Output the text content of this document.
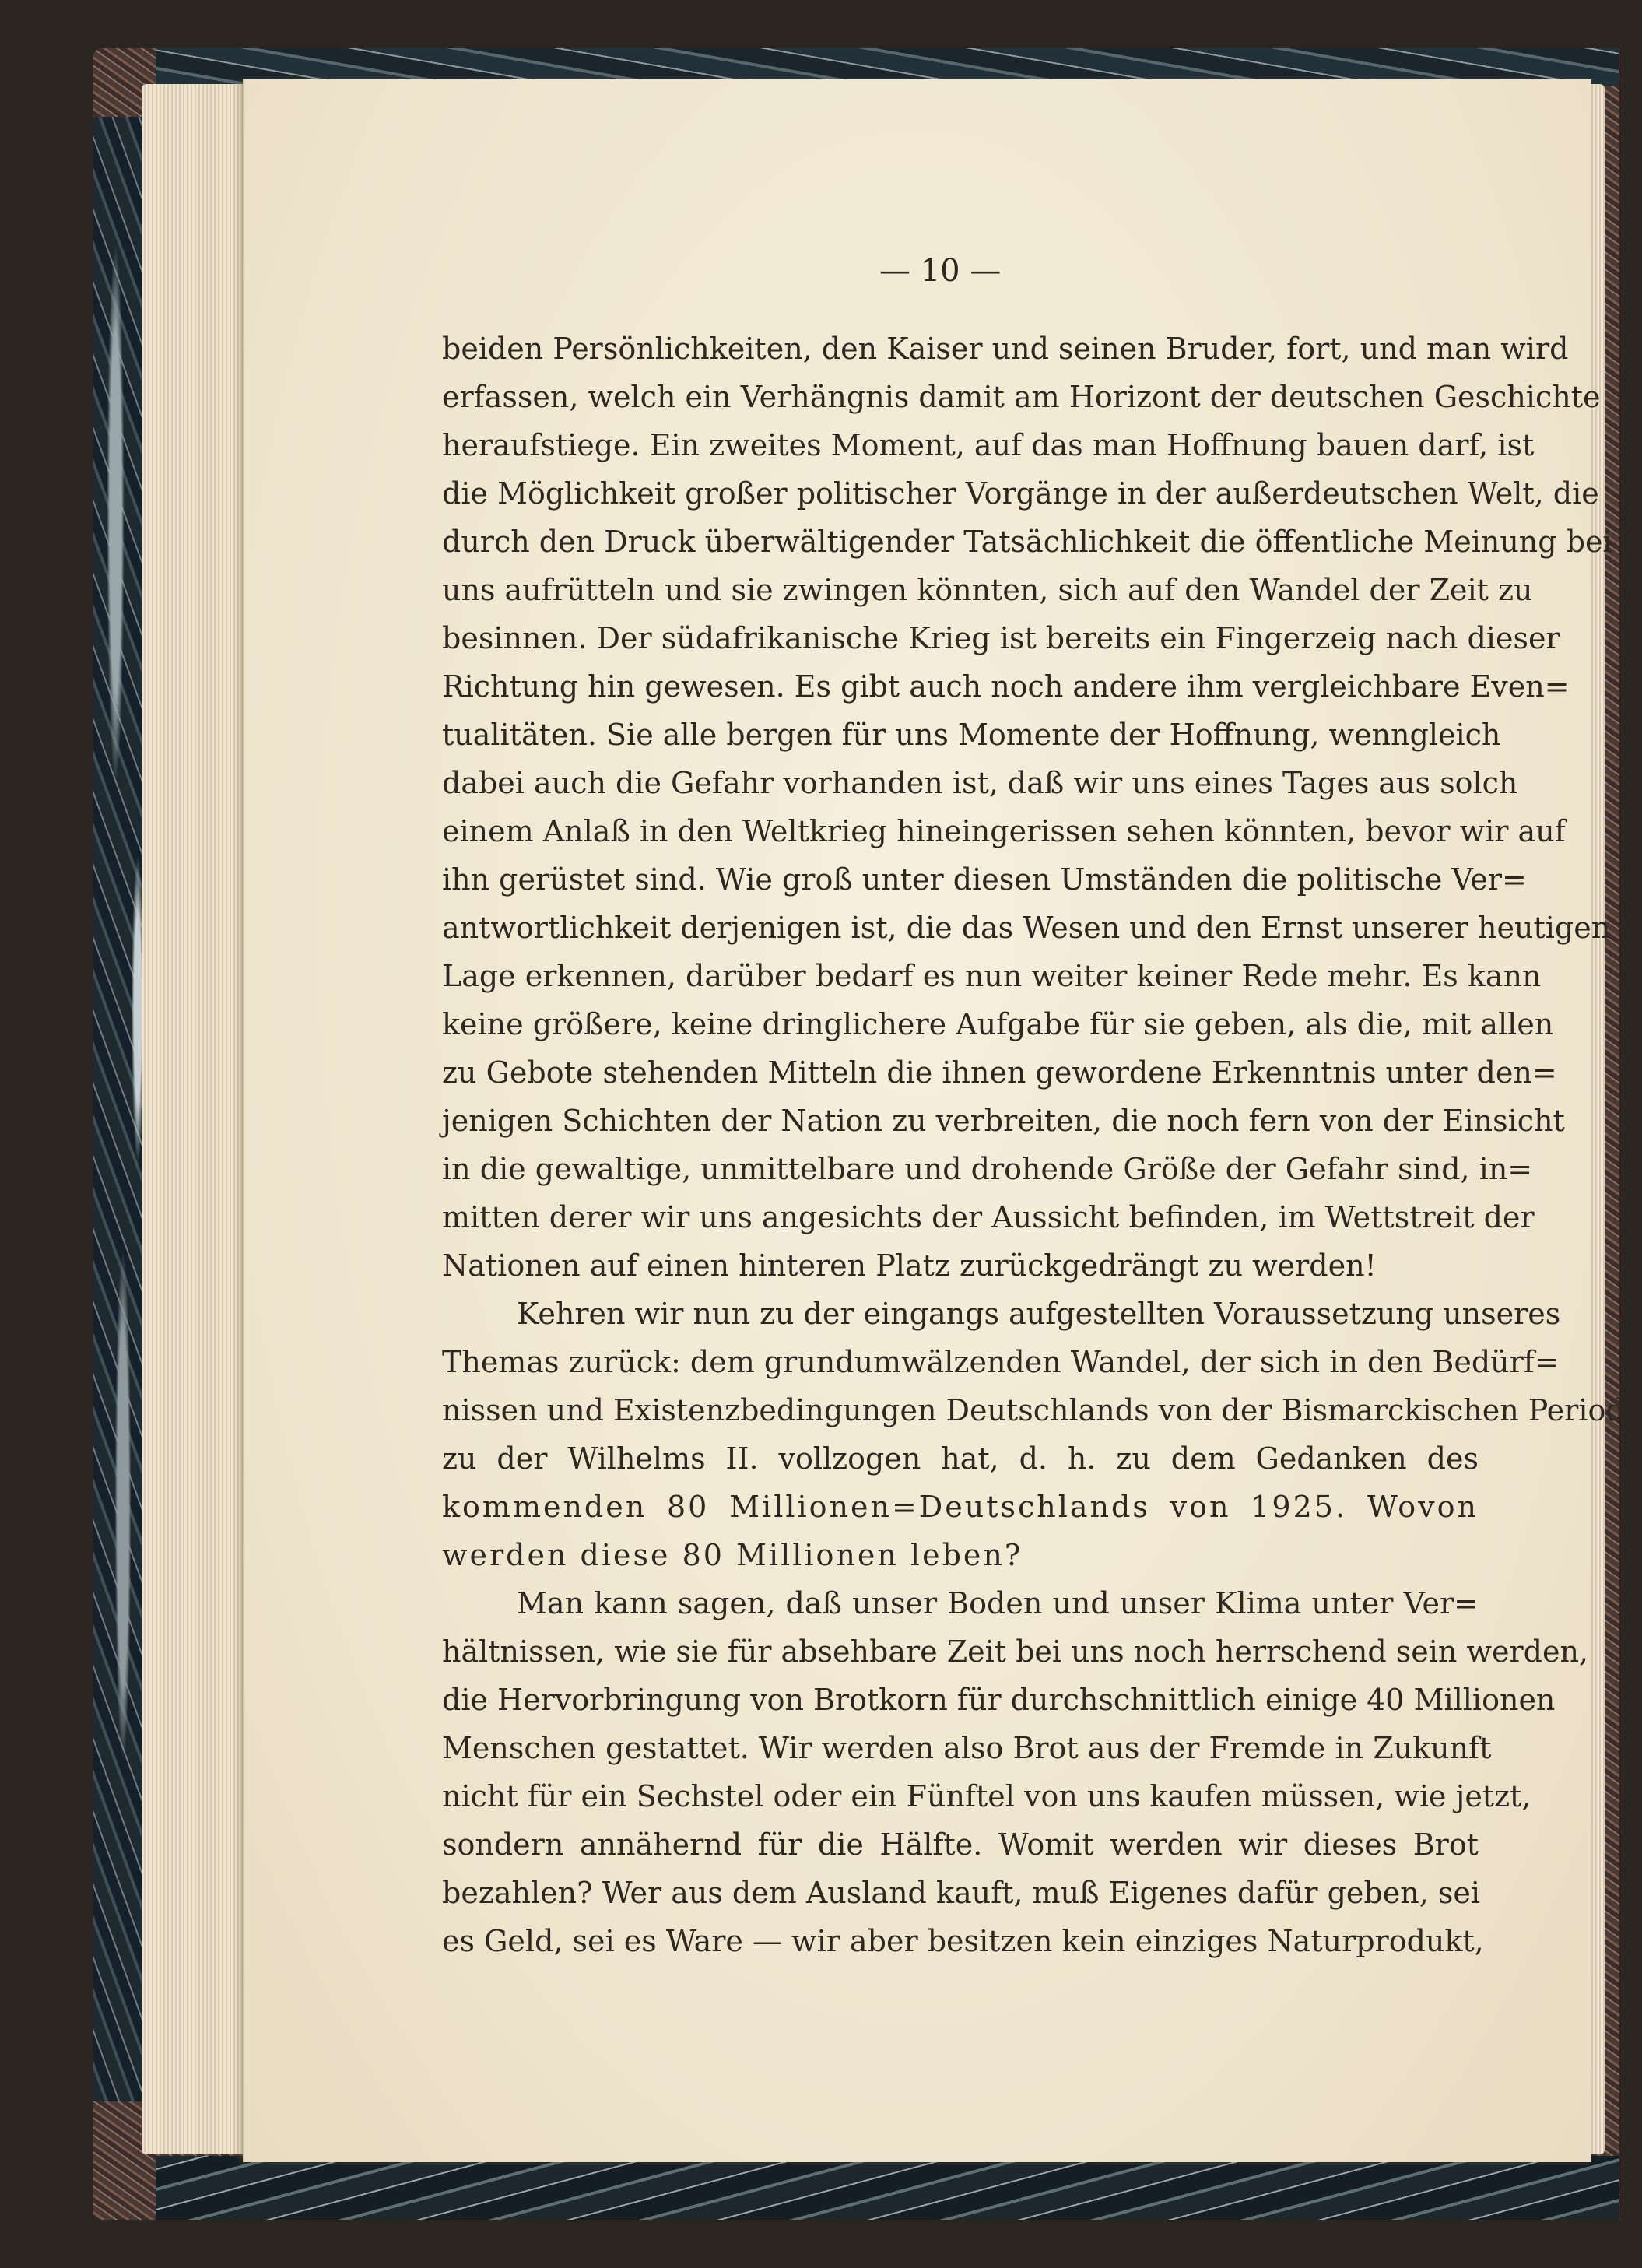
— 10 —
beiden Persönlichkeiten, den Kaiser und seinen Bruder, fort, und man wird
erfassen, welch ein Verhängnis damit am Horizont der deutschen Geschichte
heraufstiege. Ein zweites Moment, auf das man Hoffnung bauen darf, ist
die Möglichkeit großer politischer Vorgänge in der außerdeutschen Welt, die
durch den Druck überwältigender Tatsächlichkeit die öffentliche Meinung bei
uns aufrütteln und sie zwingen könnten, sich auf den Wandel der Zeit zu
besinnen. Der südafrikanische Krieg ist bereits ein Fingerzeig nach dieser
Richtung hin gewesen. Es gibt auch noch andere ihm vergleichbare Even=
tualitäten. Sie alle bergen für uns Momente der Hoffnung, wenngleich
dabei auch die Gefahr vorhanden ist, daß wir uns eines Tages aus solch
einem Anlaß in den Weltkrieg hineingerissen sehen könnten, bevor wir auf
ihn gerüstet sind. Wie groß unter diesen Umständen die politische Ver=
antwortlichkeit derjenigen ist, die das Wesen und den Ernst unserer heutigen
Lage erkennen, darüber bedarf es nun weiter keiner Rede mehr. Es kann
keine größere, keine dringlichere Aufgabe für sie geben, als die, mit allen
zu Gebote stehenden Mitteln die ihnen gewordene Erkenntnis unter den=
jenigen Schichten der Nation zu verbreiten, die noch fern von der Einsicht
in die gewaltige, unmittelbare und drohende Größe der Gefahr sind, in=
mitten derer wir uns angesichts der Aussicht befinden, im Wettstreit der
Nationen auf einen hinteren Platz zurückgedrängt zu werden!
Kehren wir nun zu der eingangs aufgestellten Voraussetzung unseres
Themas zurück: dem grundumwälzenden Wandel, der sich in den Bedürf=
nissen und Existenzbedingungen Deutschlands von der Bismarckischen Periode
zu der Wilhelms II. vollzogen hat, d. h. zu dem Gedanken des
kommenden 80 Millionen=Deutschlands von 1925. Wovon
werden diese 80 Millionen leben?
Man kann sagen, daß unser Boden und unser Klima unter Ver=
hältnissen, wie sie für absehbare Zeit bei uns noch herrschend sein werden,
die Hervorbringung von Brotkorn für durchschnittlich einige 40 Millionen
Menschen gestattet. Wir werden also Brot aus der Fremde in Zukunft
nicht für ein Sechstel oder ein Fünftel von uns kaufen müssen, wie jetzt,
sondern annähernd für die Hälfte. Womit werden wir dieses Brot
bezahlen? Wer aus dem Ausland kauft, muß Eigenes dafür geben, sei
es Geld, sei es Ware — wir aber besitzen kein einziges Naturprodukt,
